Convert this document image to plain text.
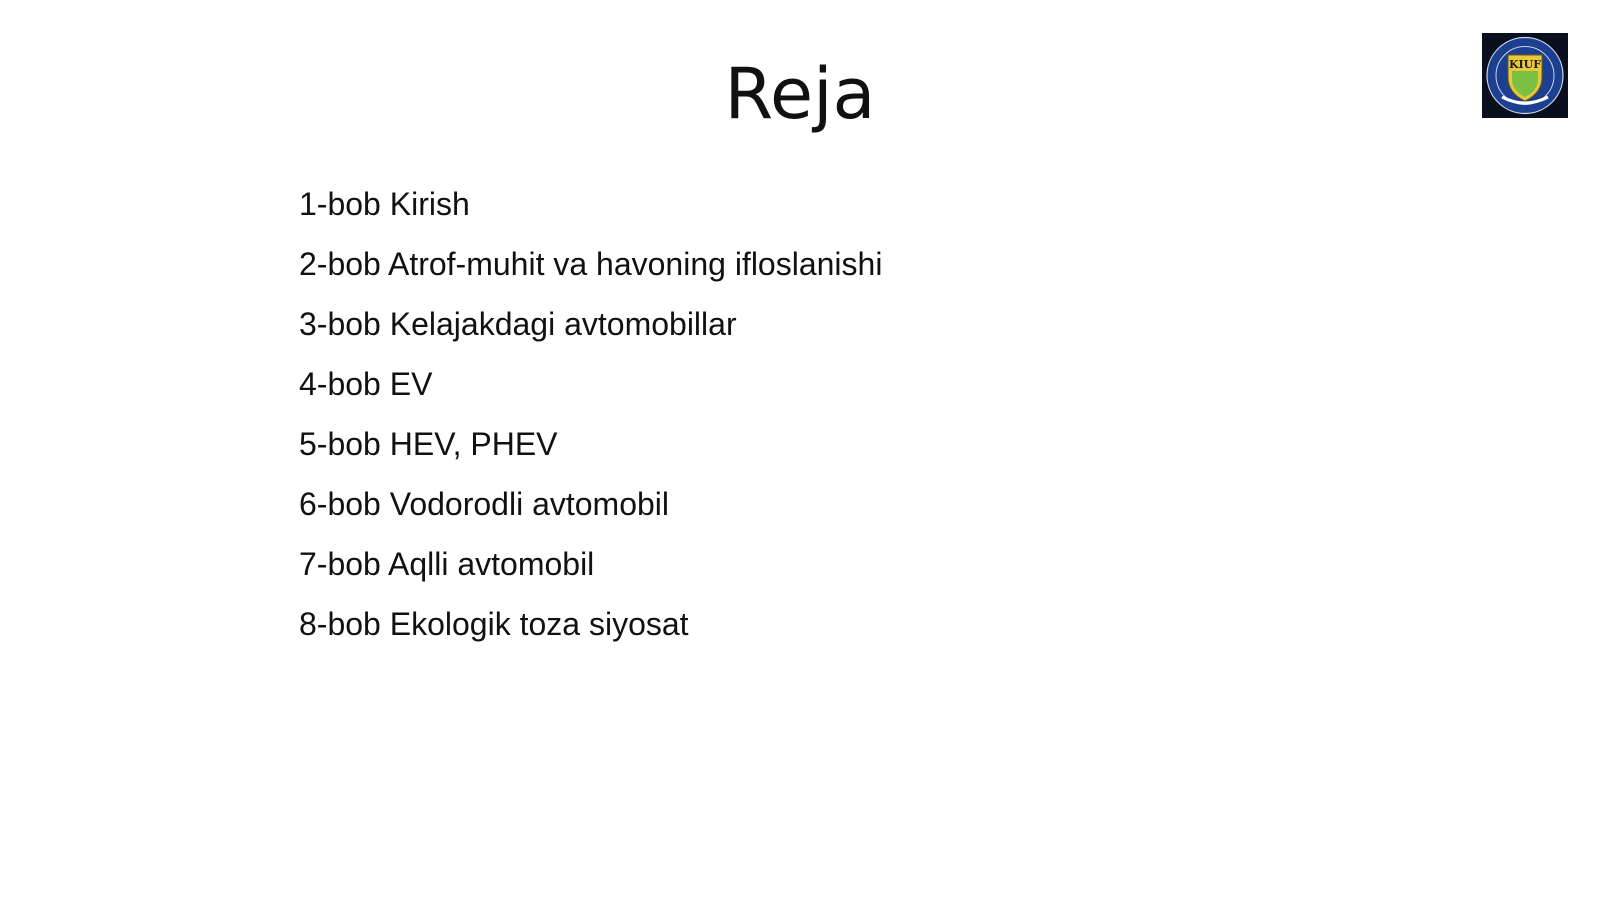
Reja	KIUF
1-bob Kirish
2-bob Atrof-muhit va havoning ifloslanishi
3-bob Kelajakdagi avtomobillar
4-bob EV
5-bob HEV, PHEV
6-bob Vodorodli avtomobil
7-bob Aqlli avtomobil
8-bob Ekologik toza siyosat
